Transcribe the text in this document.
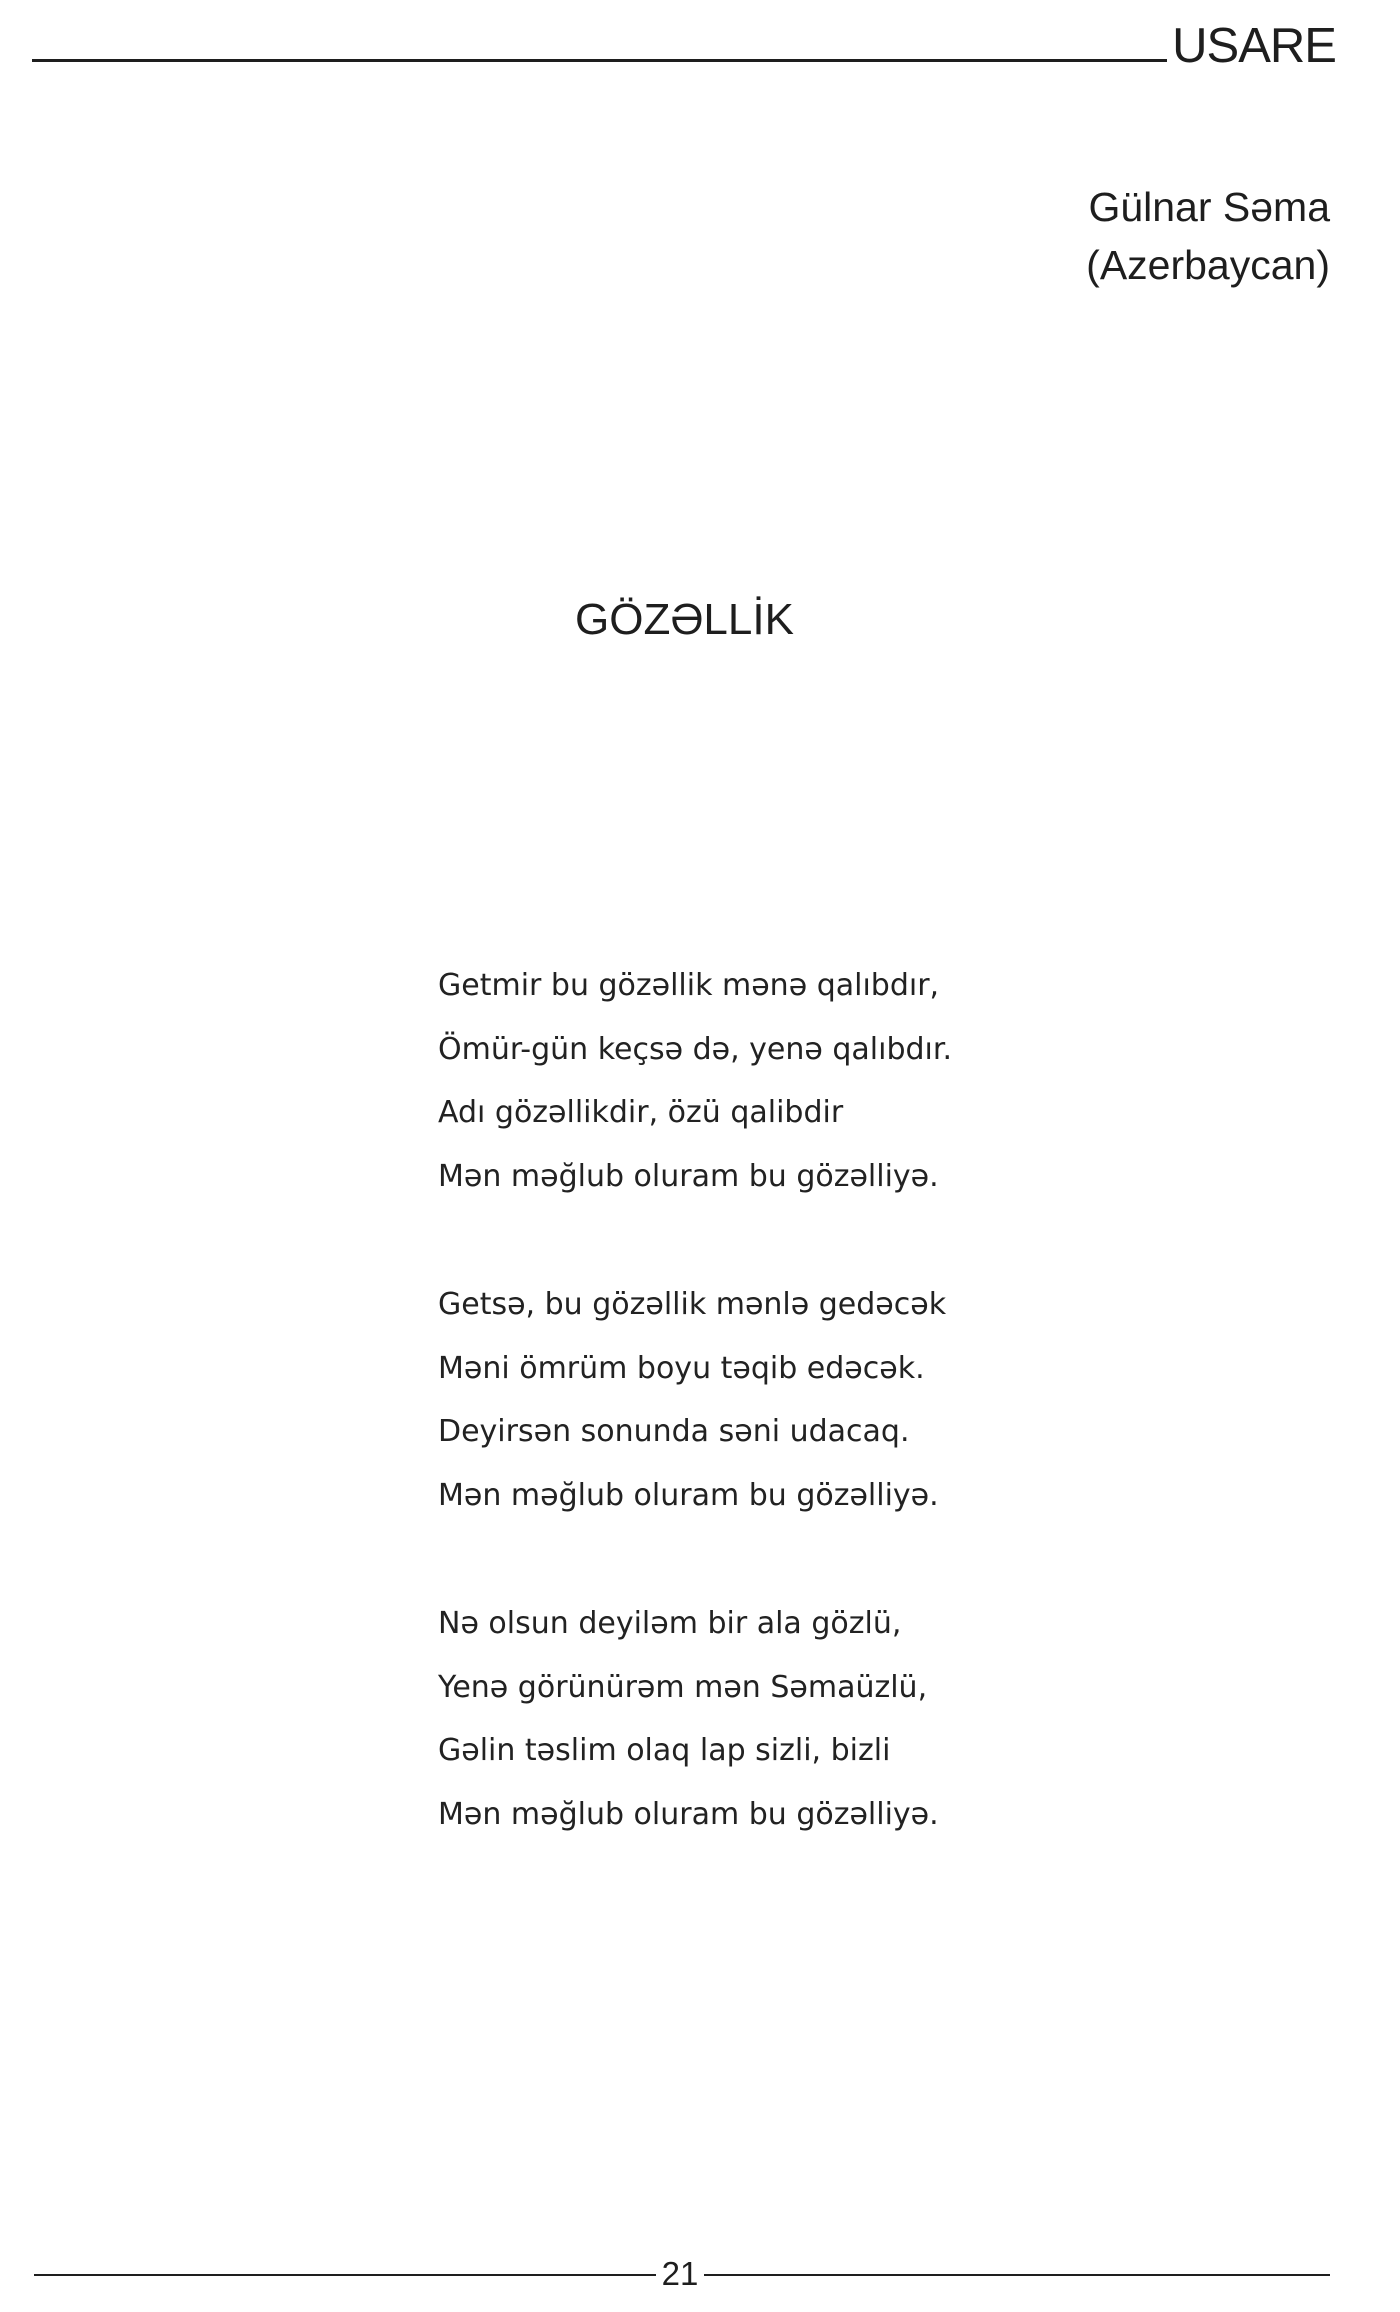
USARE
Gülnar Səma
(Azerbaycan)
GÖZƏLLİK
Getmir bu gözəllik mənə qalıbdır,
Ömür-gün keçsə də, yenə qalıbdır.
Adı gözəllikdir, özü qalibdir
Mən məğlub oluram bu gözəlliyə.
Getsə, bu gözəllik mənlə gedəcək
Məni ömrüm boyu təqib edəcək.
Deyirsən sonunda səni udacaq.
Mən məğlub oluram bu gözəlliyə.
Nə olsun deyiləm bir ala gözlü,
Yenə görünürəm mən Səmaüzlü,
Gəlin təslim olaq lap sizli, bizli
Mən məğlub oluram bu gözəlliyə.
21
